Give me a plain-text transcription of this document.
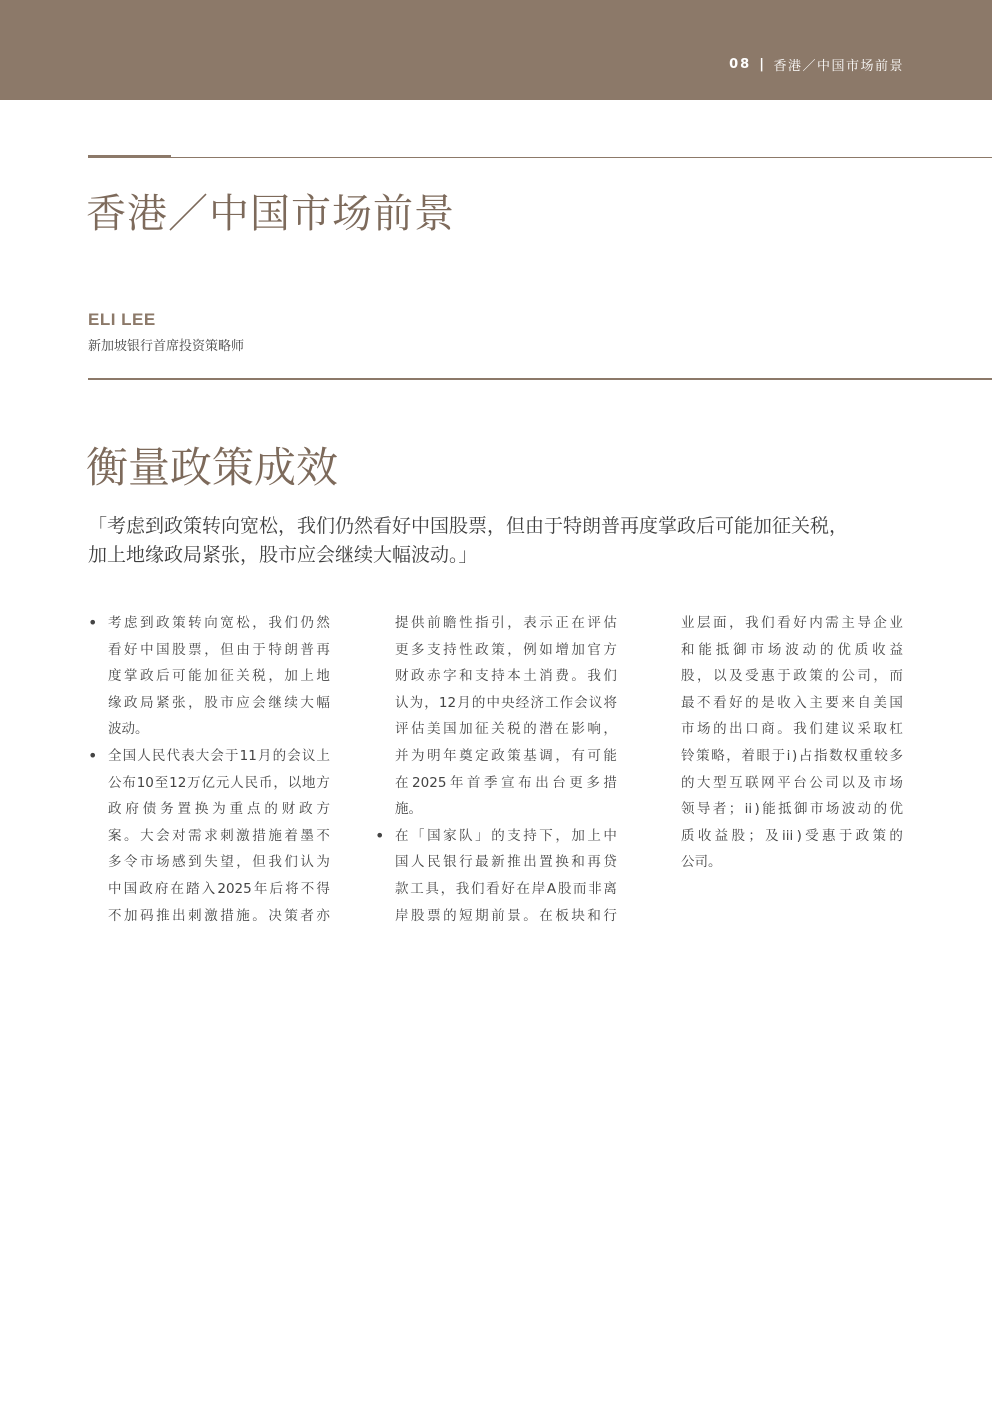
08 | 香港／中国市场前景
香港／中国市场前景
ELI LEE
新加坡银行首席投资策略师
衡量政策成效
「考虑到政策转向宽松，我们仍然看好中国股票，但由于特朗普再度掌政后可能加征关税，
加上地缘政局紧张，股市应会继续大幅波动。」
• 考 虑 到 政 策 转 向 宽 松 ， 我 们 仍 然
看 好 中 国 股 票 ， 但 由 于 特 朗 普 再
度 掌 政 后 可 能 加 征 关 税 ， 加 上 地
缘 政 局 紧 张 ， 股 市 应 会 继 续 大 幅
波动。
• 全 国 人 民 代 表 大 会 于 11 月 的 会 议 上
公 布 10 至 12 万 亿 元 人 民 币 ， 以 地 方
政 府 债 务 置 换 为 重 点 的 财 政 方
案 。 大 会 对 需 求 刺 激 措 施 着 墨 不
多 令 市 场 感 到 失 望 ， 但 我 们 认 为
中 国 政 府 在 踏 入 2025 年 后 将 不 得
不 加 码 推 出 刺 激 措 施 。 决 策 者 亦
提 供 前 瞻 性 指 引 ， 表 示 正 在 评 估
更 多 支 持 性 政 策 ， 例 如 增 加 官 方
财 政 赤 字 和 支 持 本 土 消 费 。 我 们
认 为 ， 12 月 的 中 央 经 济 工 作 会 议 将
评 估 美 国 加 征 关 税 的 潜 在 影 响 ，
并 为 明 年 奠 定 政 策 基 调 ， 有 可 能
在 2025 年 首 季 宣 布 出 台 更 多 措
施。
• 在 「 国 家 队 」 的 支 持 下 ， 加 上 中
国 人 民 银 行 最 新 推 出 置 换 和 再 贷
款 工 具 ， 我 们 看 好 在 岸 A 股 而 非 离
岸 股 票 的 短 期 前 景 。 在 板 块 和 行
业 层 面 ， 我 们 看 好 内 需 主 导 企 业
和 能 抵 御 市 场 波 动 的 优 质 收 益
股 ， 以 及 受 惠 于 政 策 的 公 司 ， 而
最 不 看 好 的 是 收 入 主 要 来 自 美 国
市 场 的 出 口 商 。 我 们 建 议 采 取 杠
铃 策 略 ， 着 眼 于 i ) 占 指 数 权 重 较 多
的 大 型 互 联 网 平 台 公 司 以 及 市 场
领 导 者 ； ii ) 能 抵 御 市 场 波 动 的 优
质 收 益 股 ； 及 iii ) 受 惠 于 政 策 的
公司。
